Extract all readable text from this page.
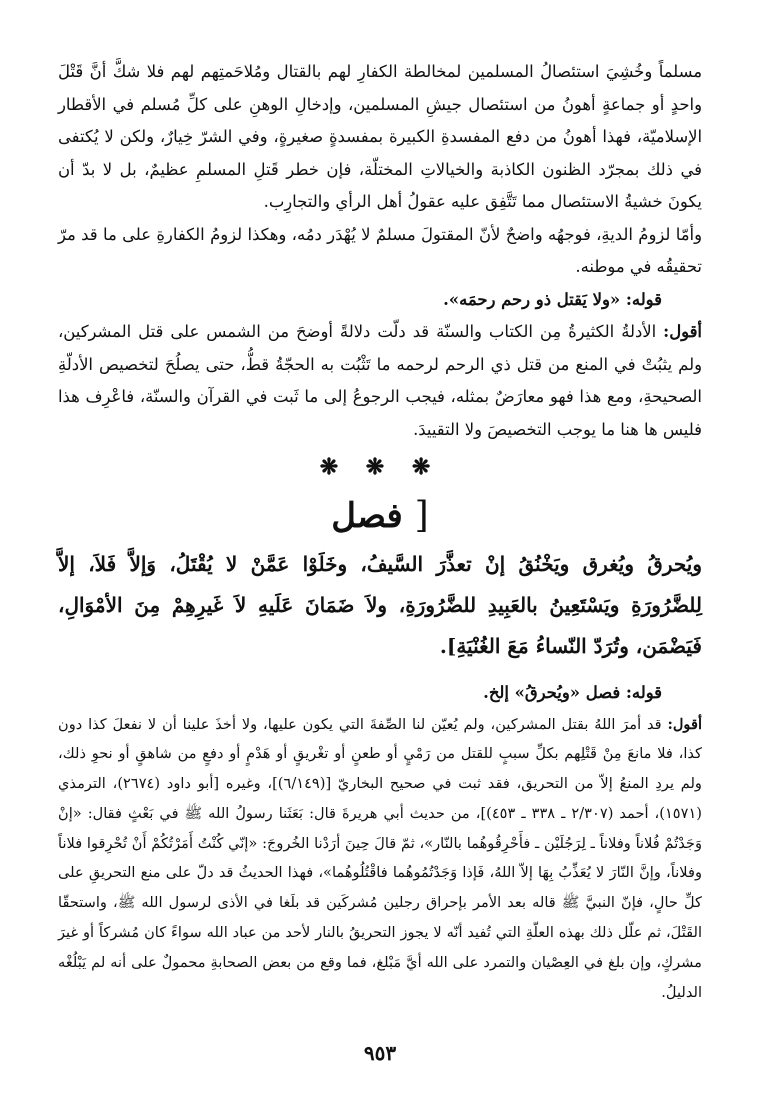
مسلماً وخُشِيَ استئصالُ المسلمين لمخالطة الكفارِ لهم بالقتال ومُلاحَمتِهم لهم فلا شكَّ أنَّ قَتْلَ واحدٍ أو جماعةٍ أهونُ من استئصال جيشِ المسلمين، وإدخالِ الوهنِ على كلِّ مُسلم في الأقطار الإسلاميّة، فهذا أهونُ من دفع المفسدةِ الكبيرة بمفسدةٍ صغيرةٍ، وفي الشرّ خِيارٌ، ولكن لا يُكتفى في ذلك بمجرّد الظنون الكاذبة والخيالاتِ المختلّة، فإن خطر قَتلِ المسلمِ عظيمٌ، بل لا بدّ أن يكونَ خشيةُ الاستئصال مما تَتَّفِق عليه عقولُ أهل الرأي والتجارِب.

وأمّا لزومُ الديةِ، فوجهُه واضحٌ لأنّ المقتولَ مسلمٌ لا يُهْدَر دمُه، وهكذا لزومُ الكفارةِ على ما قد مرّ تحقيقُه في موطنه.

قوله: «ولا يَقتل ذو رحم رحمَه».

أقول: الأدلةُ الكثيرةُ مِن الكتاب والسنّة قد دلّت دلالةً أوضحَ من الشمس على قتل المشركين، ولم يثبُتْ في المنع من قتل ذي الرحم لرحمه ما تَثْبُت به الحجّةُ قطُّ، حتى يصلُحَ لتخصيص الأدلّةِ الصحيحةِ، ومع هذا فهو معارَضٌ بمثله، فيجب الرجوعُ إلى ما ثَبت في القرآن والسنّة، فاعْرِف هذا فليس ها هنا ما يوجب التخصيصَ ولا التقييدَ.

❋ ❋ ❋
[ فصل

ويُحرقُ ويُغرق ويَخْنُقُ إنْ تعذَّرَ السَّيفُ، وخَلَوْا عَمَّنْ لا يُقْتَلُ، وَإلاَّ فَلاَ، إلاَّ لِلضَّرُورَةِ ويَسْتَعِينُ بالعَبِيدِ للضَّرُورَةِ، ولاَ ضَمَانَ عَلَيهِ لاَ غَيرِهِمْ مِنَ الأمْوَالِ، فَيَضْمَن، وتُرَدّ النّساءُ مَعَ الغُنْيَةِ].

قوله: فصل «ويُحرقُ» إلخ.

أقول: قد أمرَ اللهُ بقتل المشركين، ولم يُعيّن لنا الصِّفةَ التي يكون عليها، ولا أخذَ علينا أن لا نفعلَ كذا دون كذا، فلا مانعَ مِنْ قَتْلِهم بكلِّ سببٍ للقتل من رَمْيٍ أو طعنٍ أو تغْريقٍ أو هَدْمٍ أو دفعٍ من شاهقٍ أو نحوِ ذلك، ولم يردِ المنعُ إلاّ من التحريق، فقد ثبت في صحيح البخاريّ [(٦/١٤٩)]، وغيره [أبو داود (٢٦٧٤)، الترمذي (١٥٧١)، أحمد (٢/٣٠٧ ـ ٣٣٨ ـ ٤٥٣)]، من حديث أبي هريرةَ قال: بَعَثَنا رسولُ الله ﷺ في بَعْثٍ فقال: «إنْ وَجَدْتُمْ فُلاناً وفلاناً ـ لِرَجُلَيْن ـ فأَحْرِقُوهُما بالنّار»، ثمّ قالَ حِينَ أرَدْنا الخُروجَ: «إنّي كُنْتُ أَمَرْتُكُمْ أَنْ تُحْرِقوا فلاناً وفلاناً، وإنَّ النّارَ لا يُعَذِّبُ بِهَا إلاّ اللهُ، فَإذا وَجَدْتُمُوهُما فاقْتُلُوهُما»، فهذا الحديثُ قد دلّ على منع التحريقِ على كلِّ حالٍ، فإنّ النبيَّ ﷺ قاله بعد الأمر بإحراق رجلين مُشركَين قد بلَغا في الأذى لرسول الله ﷺ، واستحقّا القَتْلَ، ثم علّل ذلك بهذه العلّةِ التي تُفيد أنّه لا يجوز التحريقُ بالنار لأحد من عباد الله سواءً كان مُشركاً أو غيرَ مشركٍ، وإن بلغ في العِصْيان والتمرد على الله أيَّ مَبْلغ، فما وقع من بعض الصحابةِ محمولٌ على أنه لم يَبْلُغْه الدليلُ.

٩٥٣
